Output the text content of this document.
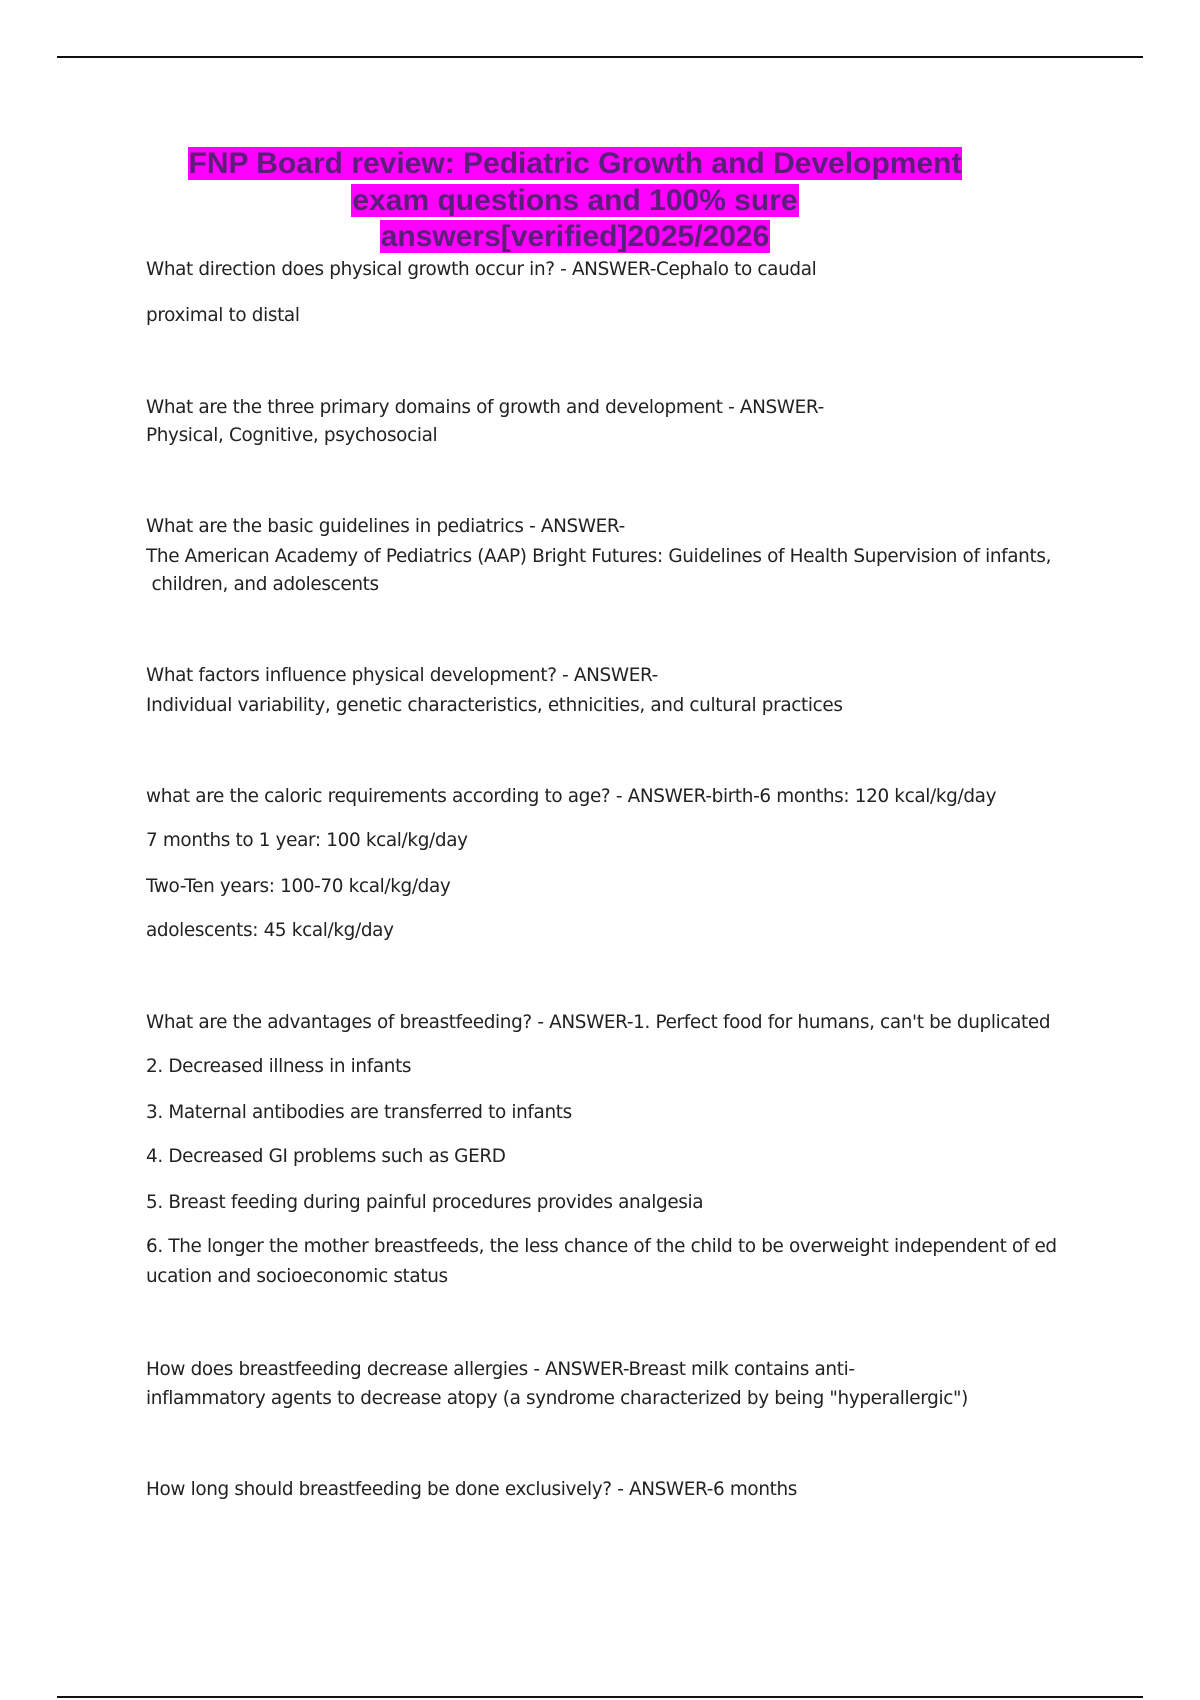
FNP Board review: Pediatric Growth and Development
exam questions and 100% sure
answers[verified]2025/2026
What direction does physical growth occur in? - ANSWER-Cephalo to caudal
proximal to distal
What are the three primary domains of growth and development - ANSWER-
Physical, Cognitive, psychosocial
What are the basic guidelines in pediatrics - ANSWER-
The American Academy of Pediatrics (AAP) Bright Futures: Guidelines of Health Supervision of infants,
children, and adolescents
What factors influence physical development? - ANSWER-
Individual variability, genetic characteristics, ethnicities, and cultural practices
what are the caloric requirements according to age? - ANSWER-birth-6 months: 120 kcal/kg/day
7 months to 1 year: 100 kcal/kg/day
Two-Ten years: 100-70 kcal/kg/day
adolescents: 45 kcal/kg/day
What are the advantages of breastfeeding? - ANSWER-1. Perfect food for humans, can't be duplicated
2. Decreased illness in infants
3. Maternal antibodies are transferred to infants
4. Decreased GI problems such as GERD
5. Breast feeding during painful procedures provides analgesia
6. The longer the mother breastfeeds, the less chance of the child to be overweight independent of ed
ucation and socioeconomic status
How does breastfeeding decrease allergies - ANSWER-Breast milk contains anti-
inflammatory agents to decrease atopy (a syndrome characterized by being "hyperallergic")
How long should breastfeeding be done exclusively? - ANSWER-6 months
